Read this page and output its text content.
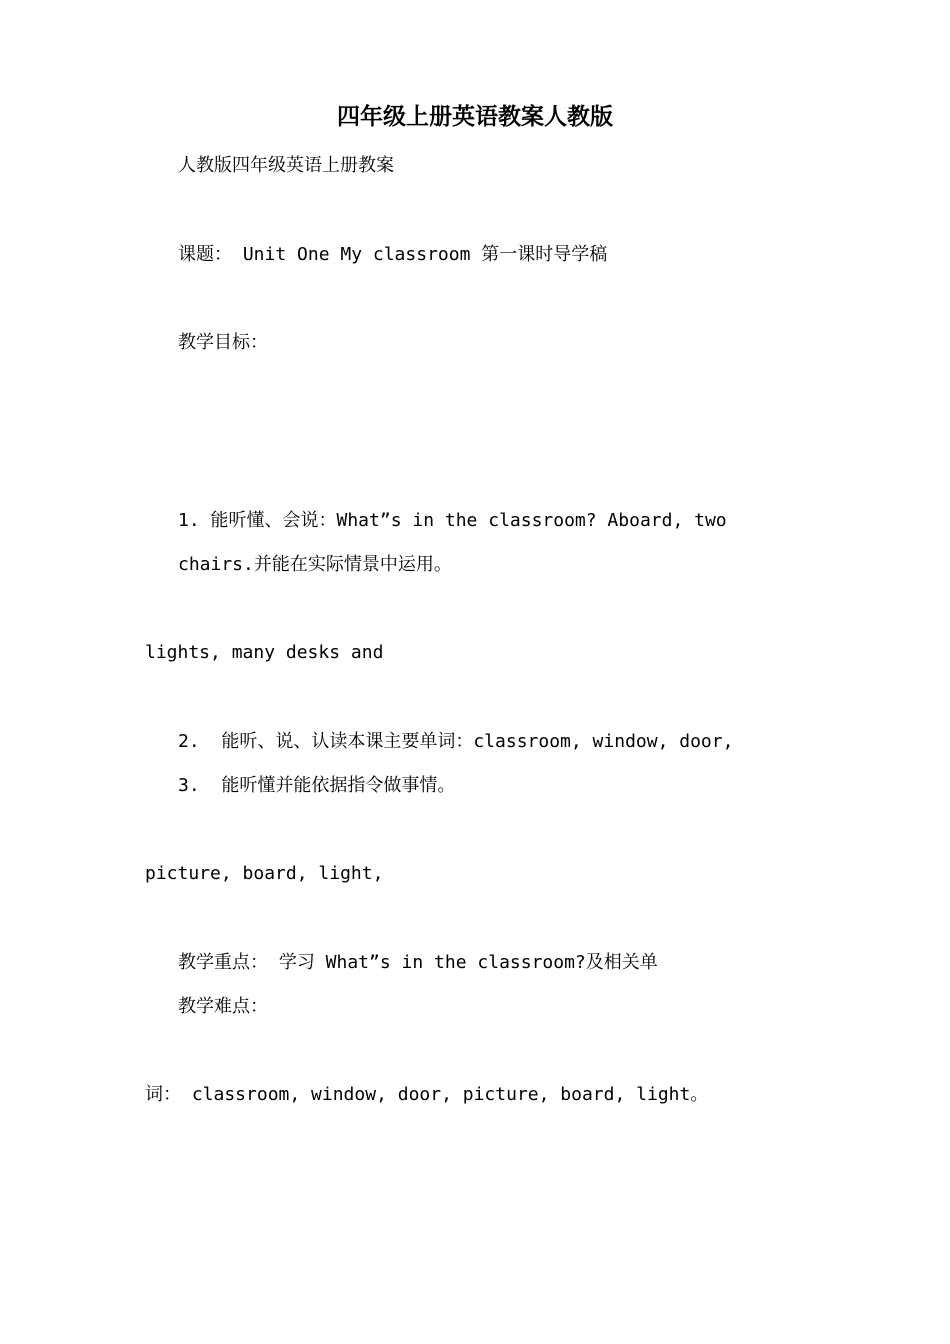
四年级上册英语教案人教版

人教版四年级英语上册教案

课题： Unit One My classroom 第一课时导学稿

教学目标：

1. 能听懂、会说：What”s in the classroom? Aboard, two

lights, many desks and

chairs.并能在实际情景中运用。

2.  能听、说、认读本课主要单词：classroom, window, door,

picture, board, light,

3.  能听懂并能依据指令做事情。

教学重点： 学习 What”s in the classroom?及相关单

词： classroom, window, door, picture, board, light。

教学难点：
